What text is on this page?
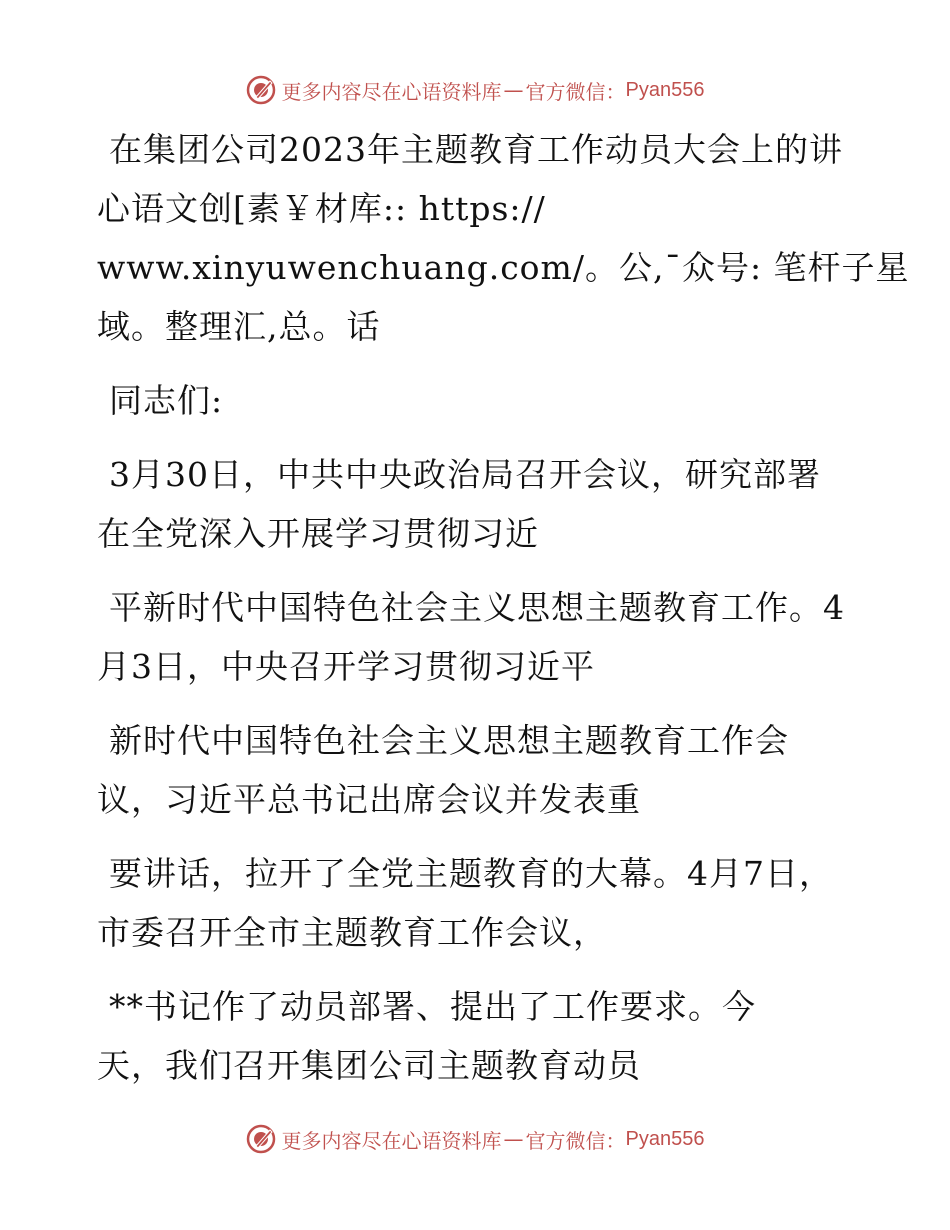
更多内容尽在心语资料库 — 官方微信： Pyan556
在集团公司2023年主题教育工作动员大会上的讲
心语文创[素￥材库:: https://
www.xinyuwenchuang.com/。公,¯众号: 笔杆子星
域。整理汇,总。话
同志们:
3月30日，中共中央政治局召开会议，研究部署
在全党深入开展学习贯彻习近
平新时代中国特色社会主义思想主题教育工作。4
月3日，中央召开学习贯彻习近平
新时代中国特色社会主义思想主题教育工作会
议，习近平总书记出席会议并发表重
要讲话，拉开了全党主题教育的大幕。4月7日，
市委召开全市主题教育工作会议，
**书记作了动员部署、提出了工作要求。今
天，我们召开集团公司主题教育动员
更多内容尽在心语资料库 — 官方微信： Pyan556
